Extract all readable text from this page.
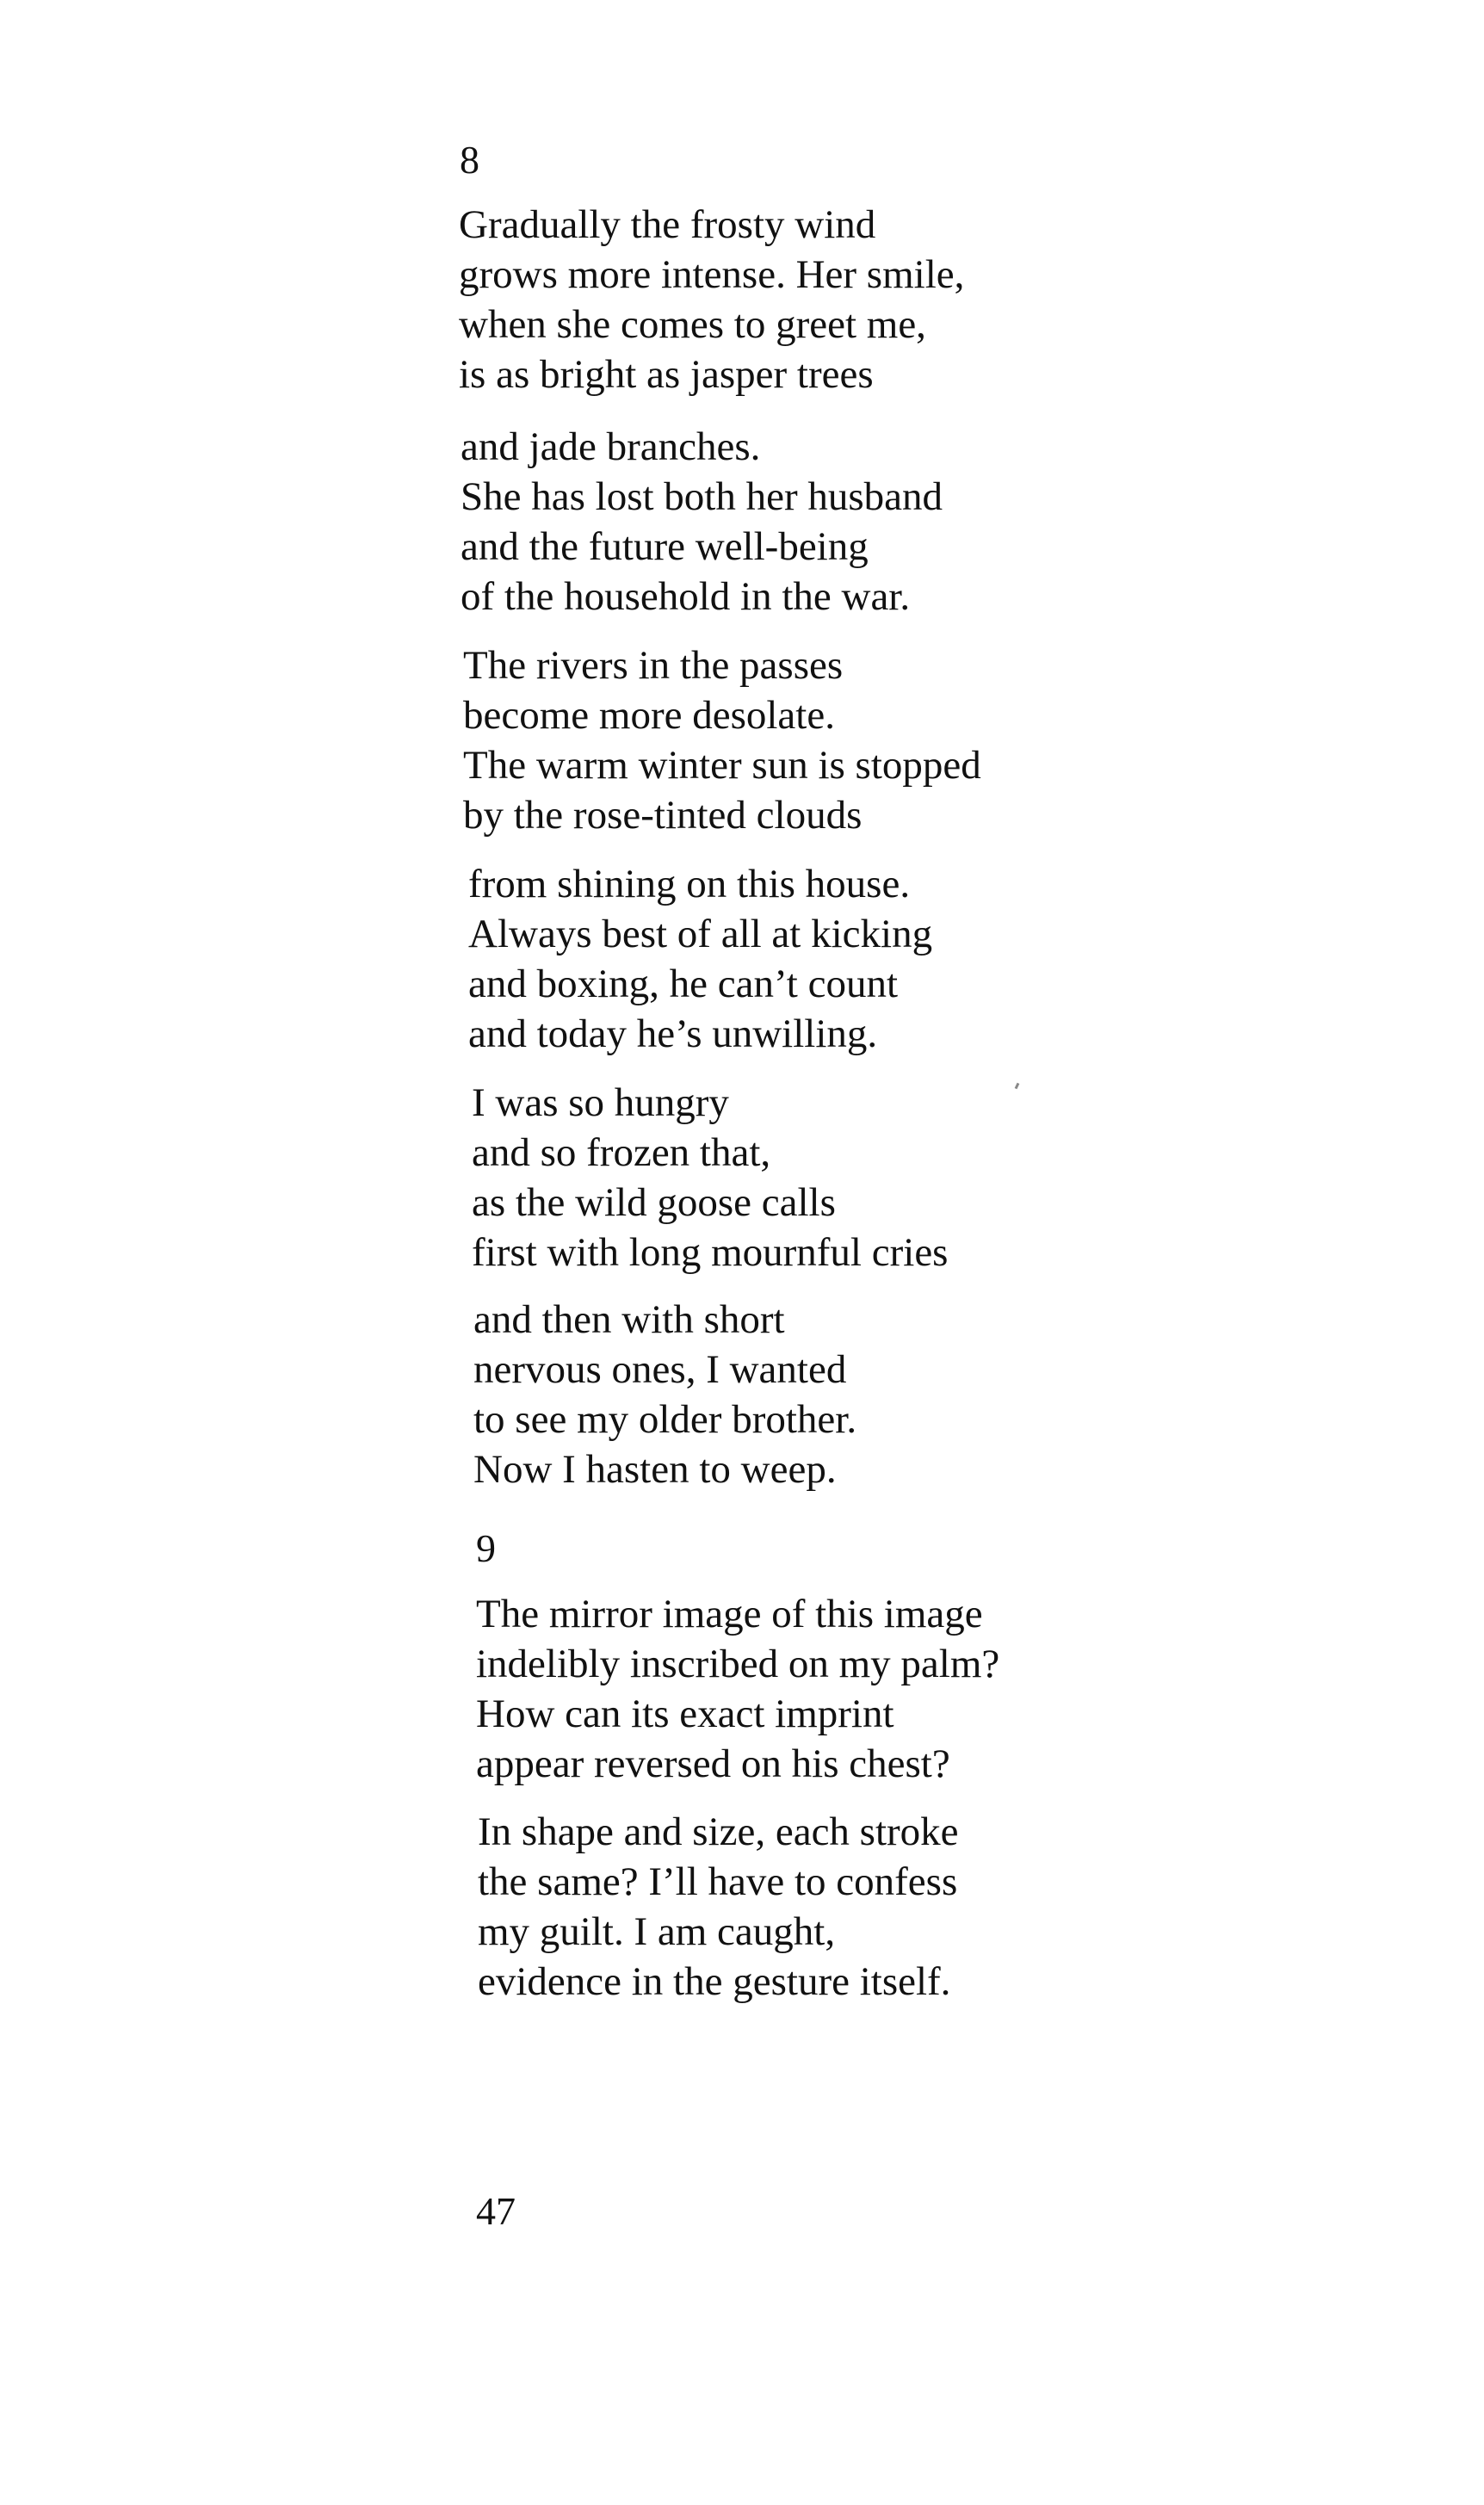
8

Gradually the frosty wind
grows more intense. Her smile,
when she comes to greet me,
is as bright as jasper trees
and jade branches.
She has lost both her husband
and the future well-being
of the household in the war.
The rivers in the passes
become more desolate.
The warm winter sun is stopped
by the rose-tinted clouds
from shining on this house.
Always best of all at kicking
and boxing, he can’t count
and today he’s unwilling.
I was so hungry
and so frozen that,
as the wild goose calls
first with long mournful cries
and then with short
nervous ones, I wanted
to see my older brother.
Now I hasten to weep.

9

The mirror image of this image
indelibly inscribed on my palm?
How can its exact imprint
appear reversed on his chest?
In shape and size, each stroke
the same? I’ll have to confess
my guilt. I am caught,
evidence in the gesture itself.

47
